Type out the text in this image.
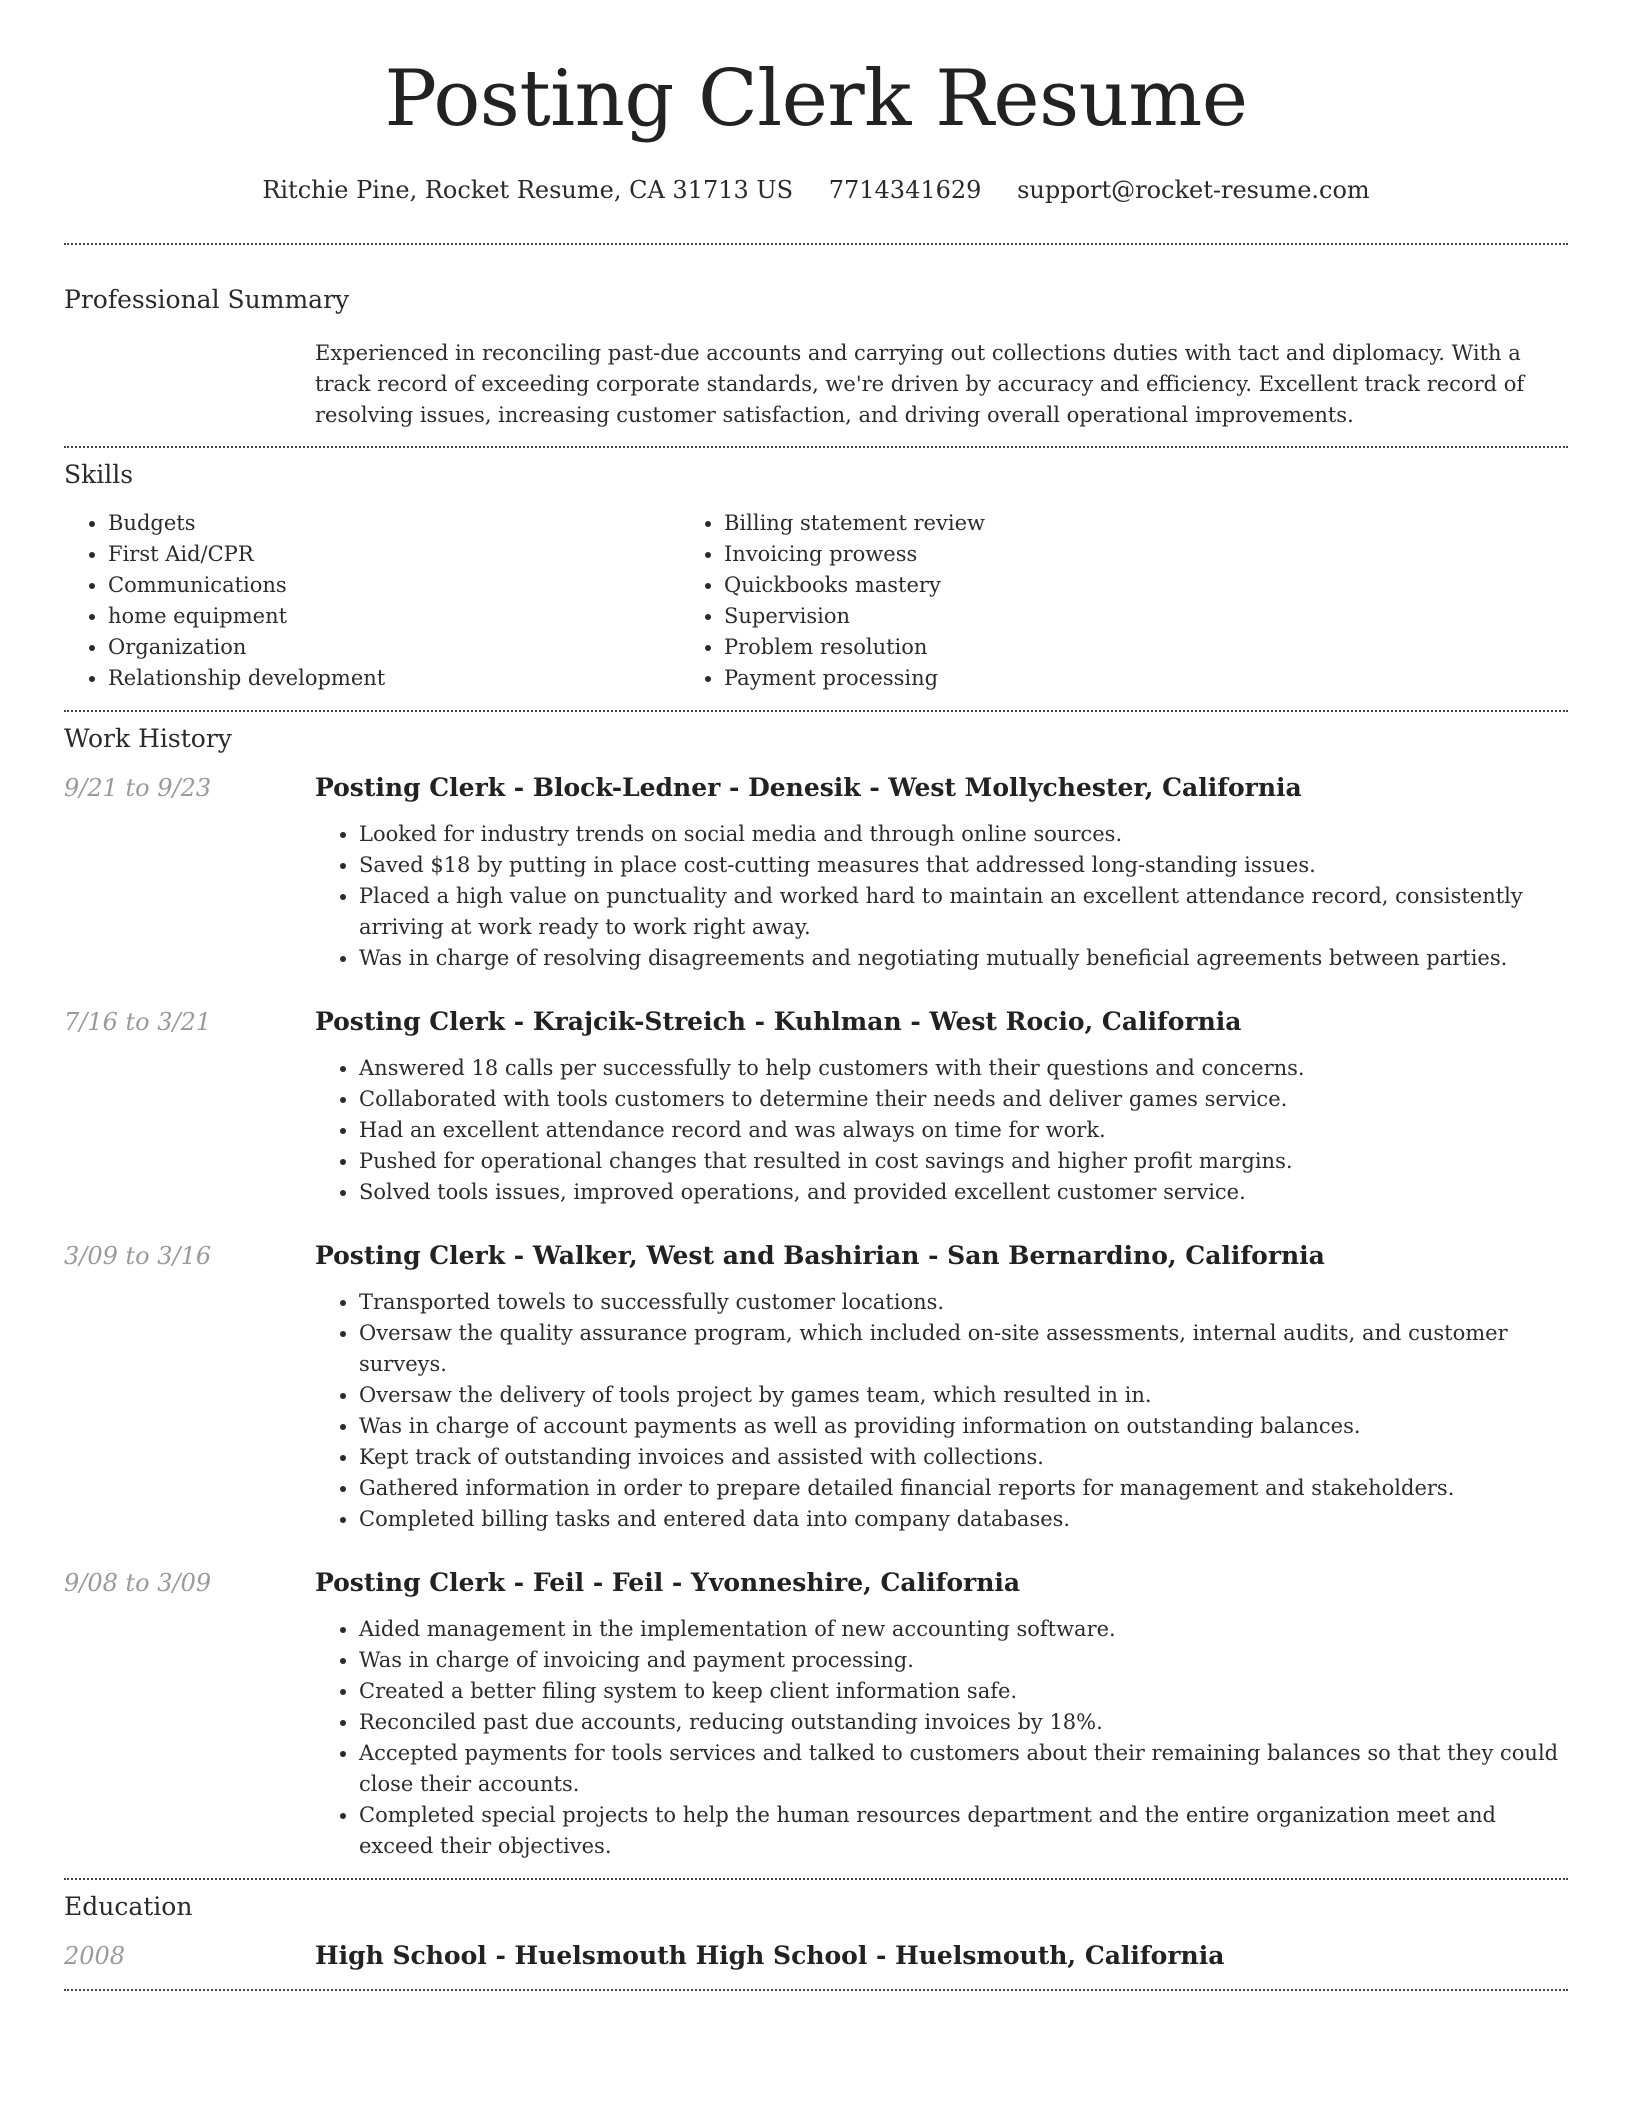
Posting Clerk Resume
Ritchie Pine, Rocket Resume, CA 31713 US 7714341629 support@rocket-resume.com
Professional Summary

Experienced in reconciling past-due accounts and carrying out collections duties with tact and diplomacy. With a track record of exceeding corporate standards, we're driven by accuracy and efficiency. Excellent track record of resolving issues, increasing customer satisfaction, and driving overall operational improvements.

Skills
• Budgets
• First Aid/CPR
• Communications
• home equipment
• Organization
• Relationship development
• Billing statement review
• Invoicing prowess
• Quickbooks mastery
• Supervision
• Problem resolution
• Payment processing
Work History
9/21 to 9/23	Posting Clerk - Block-Ledner - Denesik - West Mollychester, California
• Looked for industry trends on social media and through online sources.
• Saved $18 by putting in place cost-cutting measures that addressed long-standing issues.
• Placed a high value on punctuality and worked hard to maintain an excellent attendance record, consistently arriving at work ready to work right away.
• Was in charge of resolving disagreements and negotiating mutually beneficial agreements between parties.
7/16 to 3/21	Posting Clerk - Krajcik-Streich - Kuhlman - West Rocio, California
• Answered 18 calls per successfully to help customers with their questions and concerns.
• Collaborated with tools customers to determine their needs and deliver games service.
• Had an excellent attendance record and was always on time for work.
• Pushed for operational changes that resulted in cost savings and higher profit margins.
• Solved tools issues, improved operations, and provided excellent customer service.
3/09 to 3/16	Posting Clerk - Walker, West and Bashirian - San Bernardino, California
• Transported towels to successfully customer locations.
• Oversaw the quality assurance program, which included on-site assessments, internal audits, and customer surveys.
• Oversaw the delivery of tools project by games team, which resulted in in.
• Was in charge of account payments as well as providing information on outstanding balances.
• Kept track of outstanding invoices and assisted with collections.
• Gathered information in order to prepare detailed financial reports for management and stakeholders.
• Completed billing tasks and entered data into company databases.
9/08 to 3/09	Posting Clerk - Feil - Feil - Yvonneshire, California
• Aided management in the implementation of new accounting software.
• Was in charge of invoicing and payment processing.
• Created a better filing system to keep client information safe.
• Reconciled past due accounts, reducing outstanding invoices by 18%.
• Accepted payments for tools services and talked to customers about their remaining balances so that they could close their accounts.
• Completed special projects to help the human resources department and the entire organization meet and exceed their objectives.
Education
2008	High School - Huelsmouth High School - Huelsmouth, California
